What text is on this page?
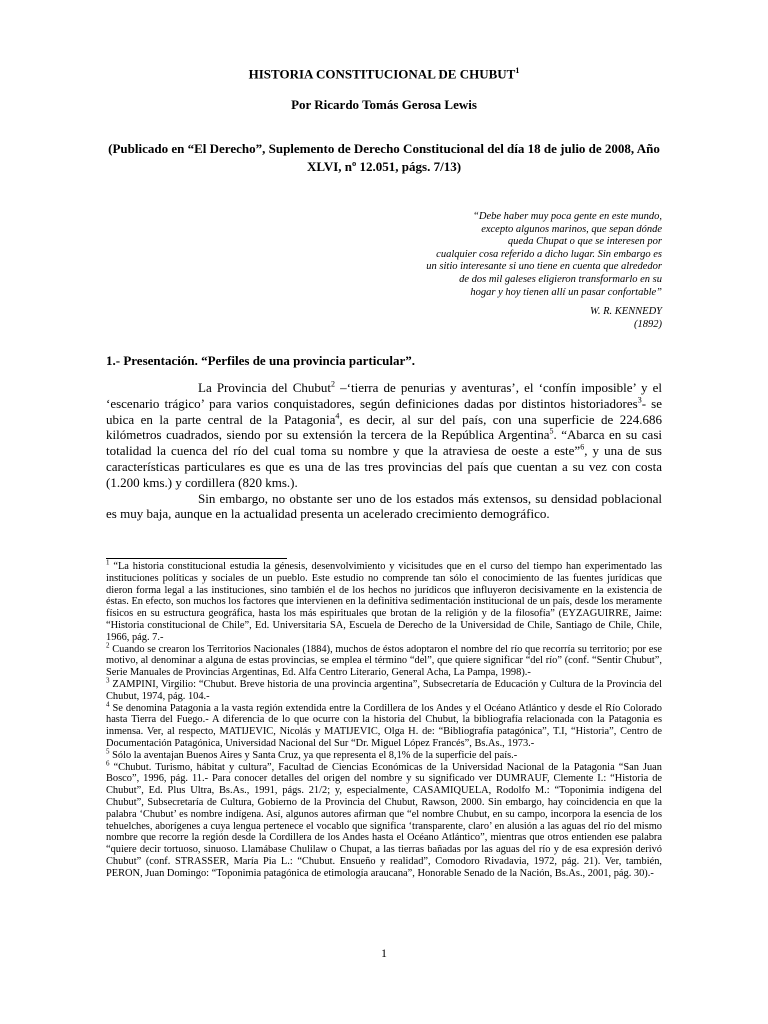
HISTORIA CONSTITUCIONAL DE CHUBUT$^1$
Por Ricardo Tomás Gerosa Lewis
(Publicado en “El Derecho”, Suplemento de Derecho Constitucional del día 18 de julio de 2008, Año XLVI, nº 12.051, págs. 7/13)
“Debe haber muy poca gente en este mundo,
excepto algunos marinos, que sepan dónde
queda Chupat o que se interesen por
cualquier cosa referido a dicho lugar. Sin embargo es
un sitio interesante si uno tiene en cuenta que alrededor
de dos mil galeses eligieron transformarlo en su
hogar y hoy tienen allí un pasar confortable”
W. R. KENNEDY
(1892)
1.- Presentación. “Perfiles de una provincia particular”.

La Provincia del Chubut$^2$ –‘tierra de penurias y aventuras’, el ‘confín imposible’ y el ‘escenario trágico’ para varios conquistadores, según definiciones dadas por distintos historiadores$^3$- se ubica en la parte central de la Patagonia$^4$, es decir, al sur del país, con una superficie de 224.686 kilómetros cuadrados, siendo por su extensión la tercera de la República Argentina$^5$. “Abarca en su casi totalidad la cuenca del río del cual toma su nombre y que la atraviesa de oeste a este”$^6$, y una de sus características particulares es que es una de las tres provincias del país que cuentan a su vez con costa (1.200 kms.) y cordillera (820 kms.).

Sin embargo, no obstante ser uno de los estados más extensos, su densidad poblacional es muy baja, aunque en la actualidad presenta un acelerado crecimiento demográfico.

$^1$ “La historia constitucional estudia la génesis, desenvolvimiento y vicisitudes que en el curso del tiempo han experimentado las instituciones políticas y sociales de un pueblo. Este estudio no comprende tan sólo el conocimiento de las fuentes jurídicas que dieron forma legal a las instituciones, sino también el de los hechos no jurídicos que influyeron decisivamente en la existencia de éstas. En efecto, son muchos los factores que intervienen en la definitiva sedimentación institucional de un país, desde los meramente físicos en su estructura geográfica, hasta los más espirituales que brotan de la religión y de la filosofía” (EYZAGUIRRE, Jaime: “Historia constitucional de Chile”, Ed. Universitaria SA, Escuela de Derecho de la Universidad de Chile, Santiago de Chile, Chile, 1966, pág. 7.-

$^2$ Cuando se crearon los Territorios Nacionales (1884), muchos de éstos adoptaron el nombre del río que recorría su territorio; por ese motivo, al denominar a alguna de estas provincias, se emplea el término “del”, que quiere significar “del río” (conf. “Sentir Chubut”, Serie Manuales de Provincias Argentinas, Ed. Alfa Centro Literario, General Acha, La Pampa, 1998).-

$^3$ ZAMPINI, Virgilio: “Chubut. Breve historia de una provincia argentina”, Subsecretaría de Educación y Cultura de la Provincia del Chubut, 1974, pág. 104.-

$^4$ Se denomina Patagonia a la vasta región extendida entre la Cordillera de los Andes y el Océano Atlántico y desde el Río Colorado hasta Tierra del Fuego.- A diferencia de lo que ocurre con la historia del Chubut, la bibliografía relacionada con la Patagonia es inmensa. Ver, al respecto, MATIJEVIC, Nicolás y MATIJEVIC, Olga H. de: “Bibliografía patagónica”, T.I, “Historia”, Centro de Documentación Patagónica, Universidad Nacional del Sur “Dr. Miguel López Francés”, Bs.As., 1973.-

$^5$ Sólo la aventajan Buenos Aires y Santa Cruz, ya que representa el 8,1% de la superficie del país.-

$^6$ “Chubut. Turismo, hábitat y cultura”, Facultad de Ciencias Económicas de la Universidad Nacional de la Patagonia “San Juan Bosco”, 1996, pág. 11.- Para conocer detalles del origen del nombre y su significado ver DUMRAUF, Clemente I.: “Historia de Chubut”, Ed. Plus Ultra, Bs.As., 1991, págs. 21/2; y, especialmente, CASAMIQUELA, Rodolfo M.: “Toponimia indígena del Chubut”, Subsecretaría de Cultura, Gobierno de la Provincia del Chubut, Rawson, 2000. Sin embargo, hay coincidencia en que la palabra ‘Chubut’ es nombre indígena. Así, algunos autores afirman que “el nombre Chubut, en su campo, incorpora la esencia de los tehuelches, aborígenes a cuya lengua pertenece el vocablo que significa ‘transparente, claro’ en alusión a las aguas del río del mismo nombre que recorre la región desde la Cordillera de los Andes hasta el Océano Atlántico”, mientras que otros entienden ese palabra “quiere decir tortuoso, sinuoso. Llamábase Chulilaw o Chupat, a las tierras bañadas por las aguas del río y de esa expresión derivó Chubut” (conf. STRASSER, María Pia L.: “Chubut. Ensueño y realidad”, Comodoro Rivadavia, 1972, pág. 21). Ver, también, PERON, Juan Domingo: “Toponimia patagónica de etimología araucana”, Honorable Senado de la Nación, Bs.As., 2001, pág. 30).-

1
